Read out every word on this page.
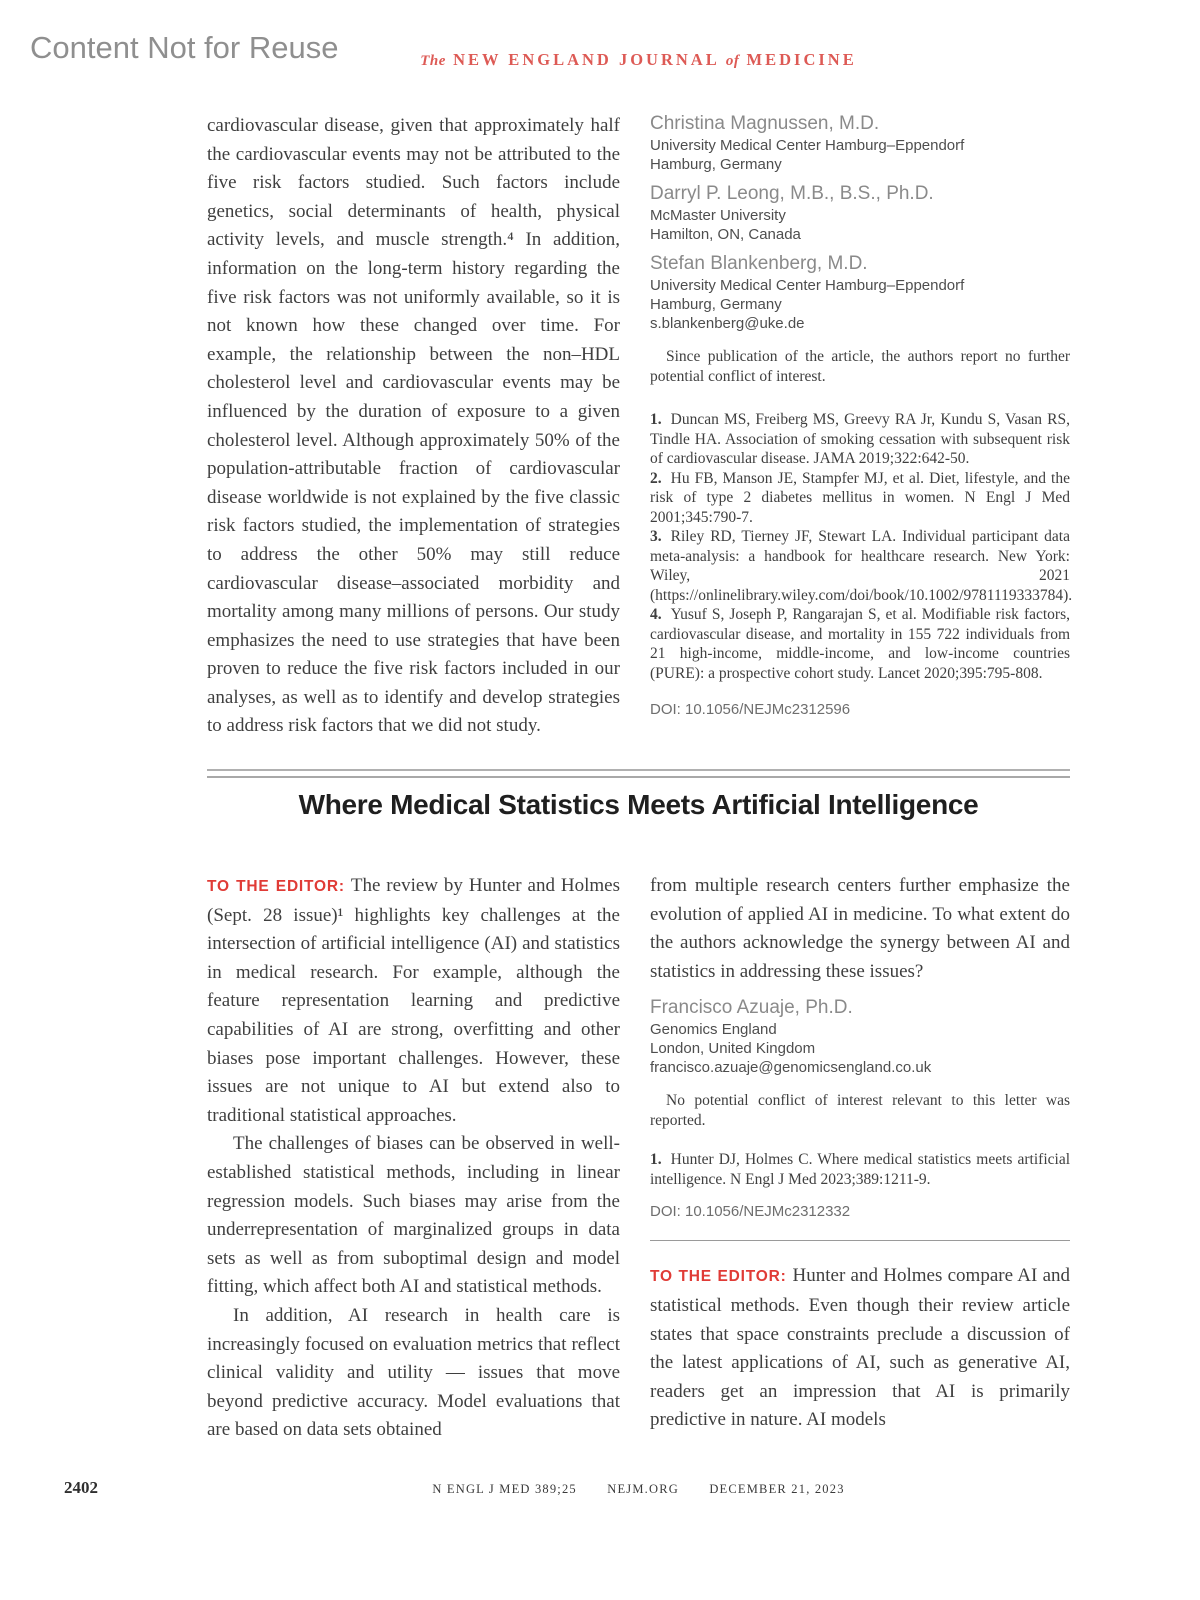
Content Not for Reuse	The NEW ENGLAND JOURNAL of MEDICINE

cardiovascular disease, given that approximately half the cardiovascular events may not be attributed to the five risk factors studied. Such factors include genetics, social determinants of health, physical activity levels, and muscle strength.⁴ In addition, information on the long-term history regarding the five risk factors was not uniformly available, so it is not known how these changed over time. For example, the relationship between the non–HDL cholesterol level and cardiovascular events may be influenced by the duration of exposure to a given cholesterol level. Although approximately 50% of the population-attributable fraction of cardiovascular disease worldwide is not explained by the five classic risk factors studied, the implementation of strategies to address the other 50% may still reduce cardiovascular disease–associated morbidity and mortality among many millions of persons. Our study emphasizes the need to use strategies that have been proven to reduce the five risk factors included in our analyses, as well as to identify and develop strategies to address risk factors that we did not study.

Christina Magnussen, M.D.
University Medical Center Hamburg–Eppendorf
Hamburg, Germany
Darryl P. Leong, M.B., B.S., Ph.D.
McMaster University
Hamilton, ON, Canada
Stefan Blankenberg, M.D.
University Medical Center Hamburg–Eppendorf
Hamburg, Germany
s.blankenberg@uke.de

Since publication of the article, the authors report no further potential conflict of interest.

1. Duncan MS, Freiberg MS, Greevy RA Jr, Kundu S, Vasan RS, Tindle HA. Association of smoking cessation with subsequent risk of cardiovascular disease. JAMA 2019;322:642-50.

2. Hu FB, Manson JE, Stampfer MJ, et al. Diet, lifestyle, and the risk of type 2 diabetes mellitus in women. N Engl J Med 2001;345:790-7.

3. Riley RD, Tierney JF, Stewart LA. Individual participant data meta-analysis: a handbook for healthcare research. New York: Wiley, 2021 (https://onlinelibrary.wiley.com/doi/book/10.1002/9781119333784).

4. Yusuf S, Joseph P, Rangarajan S, et al. Modifiable risk factors, cardiovascular disease, and mortality in 155 722 individuals from 21 high-income, middle-income, and low-income countries (PURE): a prospective cohort study. Lancet 2020;395:795-808.

DOI: 10.1056/NEJMc2312596
Where Medical Statistics Meets Artificial Intelligence

TO THE EDITOR: The review by Hunter and Holmes (Sept. 28 issue)¹ highlights key challenges at the intersection of artificial intelligence (AI) and statistics in medical research. For example, although the feature representation learning and predictive capabilities of AI are strong, overfitting and other biases pose important challenges. However, these issues are not unique to AI but extend also to traditional statistical approaches.

The challenges of biases can be observed in well-established statistical methods, including in linear regression models. Such biases may arise from the underrepresentation of marginalized groups in data sets as well as from suboptimal design and model fitting, which affect both AI and statistical methods.

In addition, AI research in health care is increasingly focused on evaluation metrics that reflect clinical validity and utility — issues that move beyond predictive accuracy. Model evaluations that are based on data sets obtained

from multiple research centers further emphasize the evolution of applied AI in medicine. To what extent do the authors acknowledge the synergy between AI and statistics in addressing these issues?

Francisco Azuaje, Ph.D.
Genomics England
London, United Kingdom
francisco.azuaje@genomicsengland.co.uk

No potential conflict of interest relevant to this letter was reported.

1. Hunter DJ, Holmes C. Where medical statistics meets artificial intelligence. N Engl J Med 2023;389:1211-9.

DOI: 10.1056/NEJMc2312332

TO THE EDITOR: Hunter and Holmes compare AI and statistical methods. Even though their review article states that space constraints preclude a discussion of the latest applications of AI, such as generative AI, readers get an impression that AI is primarily predictive in nature. AI models

2402	N ENGL J MED 389;25 NEJM.ORG DECEMBER 21, 2023
